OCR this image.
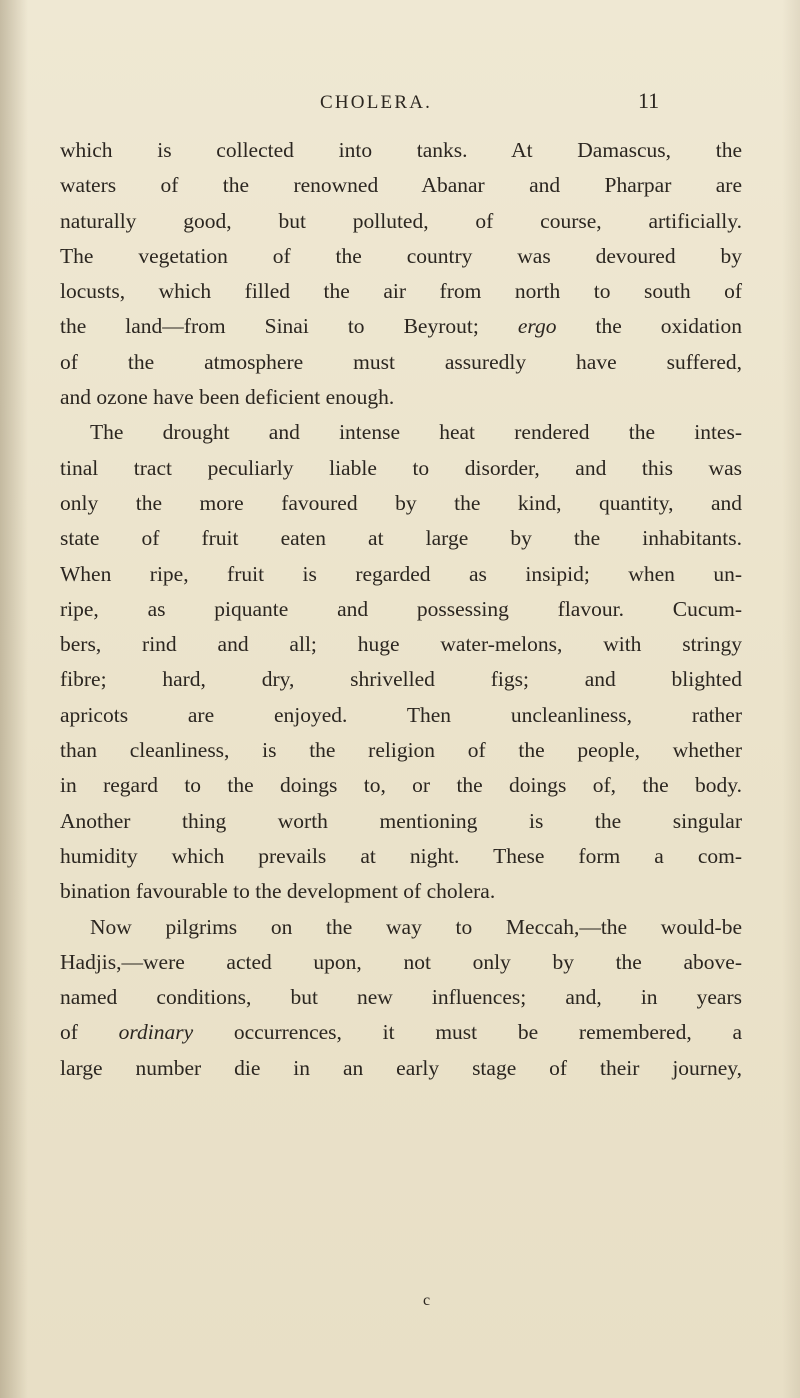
CHOLERA.	11
which is collected into tanks. At Damascus, the
waters of the renowned Abanar and Pharpar are
naturally good, but polluted, of course, artificially.
The vegetation of the country was devoured by
locusts, which filled the air from north to south of
the land—from Sinai to Beyrout; ergo the oxidation
of the atmosphere must assuredly have suffered,
and ozone have been deficient enough.
The drought and intense heat rendered the intes-
tinal tract peculiarly liable to disorder, and this was
only the more favoured by the kind, quantity, and
state of fruit eaten at large by the inhabitants.
When ripe, fruit is regarded as insipid; when un-
ripe, as piquante and possessing flavour. Cucum-
bers, rind and all; huge water-melons, with stringy
fibre; hard, dry, shrivelled figs; and blighted
apricots are enjoyed. Then uncleanliness, rather
than cleanliness, is the religion of the people, whether
in regard to the doings to, or the doings of, the body.
Another thing worth mentioning is the singular
humidity which prevails at night. These form a com-
bination favourable to the development of cholera.
Now pilgrims on the way to Meccah,—the would-be
Hadjis,—were acted upon, not only by the above-
named conditions, but new influences; and, in years
of ordinary occurrences, it must be remembered, a
large number die in an early stage of their journey,
c
